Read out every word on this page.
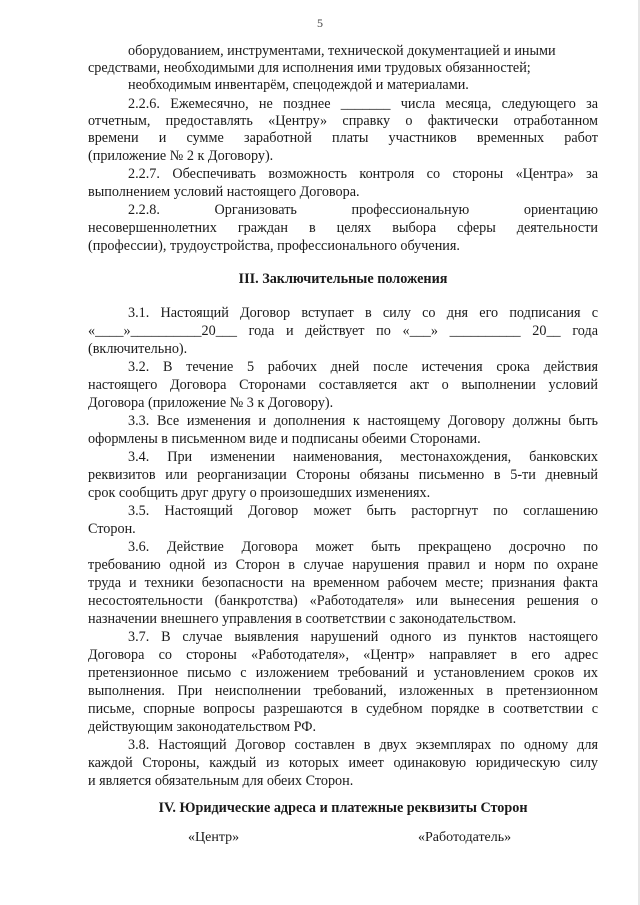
5
оборудованием, инструментами, технической документацией и иными
средствами, необходимыми для исполнения ими трудовых обязанностей;
необходимым инвентарём, спецодеждой и материалами.
2.2.6. Ежемесячно, не позднее _______ числа месяца, следующего за
отчетным, предоставлять «Центру» справку о фактически отработанном
времени и сумме заработной платы участников временных работ
(приложение № 2 к Договору).
2.2.7. Обеспечивать возможность контроля со стороны «Центра» за
выполнением условий настоящего Договора.
2.2.8. Организовать профессиональную ориентацию
несовершеннолетних граждан в целях выбора сферы деятельности
(профессии), трудоустройства, профессионального обучения.
III. Заключительные положения
3.1. Настоящий Договор вступает в силу со дня его подписания с
«____»__________20___ года и действует по «___» __________ 20__ года
(включительно).
3.2. В течение 5 рабочих дней после истечения срока действия
настоящего Договора Сторонами составляется акт о выполнении условий
Договора (приложение № 3 к Договору).
3.3. Все изменения и дополнения к настоящему Договору должны быть
оформлены в письменном виде и подписаны обеими Сторонами.
3.4. При изменении наименования, местонахождения, банковских
реквизитов или реорганизации Стороны обязаны письменно в 5-ти дневный
срок сообщить друг другу о произошедших изменениях.
3.5. Настоящий Договор может быть расторгнут по соглашению
Сторон.
3.6. Действие Договора может быть прекращено досрочно по
требованию одной из Сторон в случае нарушения правил и норм по охране
труда и техники безопасности на временном рабочем месте; признания факта
несостоятельности (банкротства) «Работодателя» или вынесения решения о
назначении внешнего управления в соответствии с законодательством.
3.7. В случае выявления нарушений одного из пунктов настоящего
Договора со стороны «Работодателя», «Центр» направляет в его адрес
претензионное письмо с изложением требований и установлением сроков их
выполнения. При неисполнении требований, изложенных в претензионном
письме, спорные вопросы разрешаются в судебном порядке в соответствии с
действующим законодательством РФ.
3.8. Настоящий Договор составлен в двух экземплярах по одному для
каждой Стороны, каждый из которых имеет одинаковую юридическую силу
и является обязательным для обеих Сторон.
IV. Юридические адреса и платежные реквизиты Сторон
«Центр»	«Работодатель»
